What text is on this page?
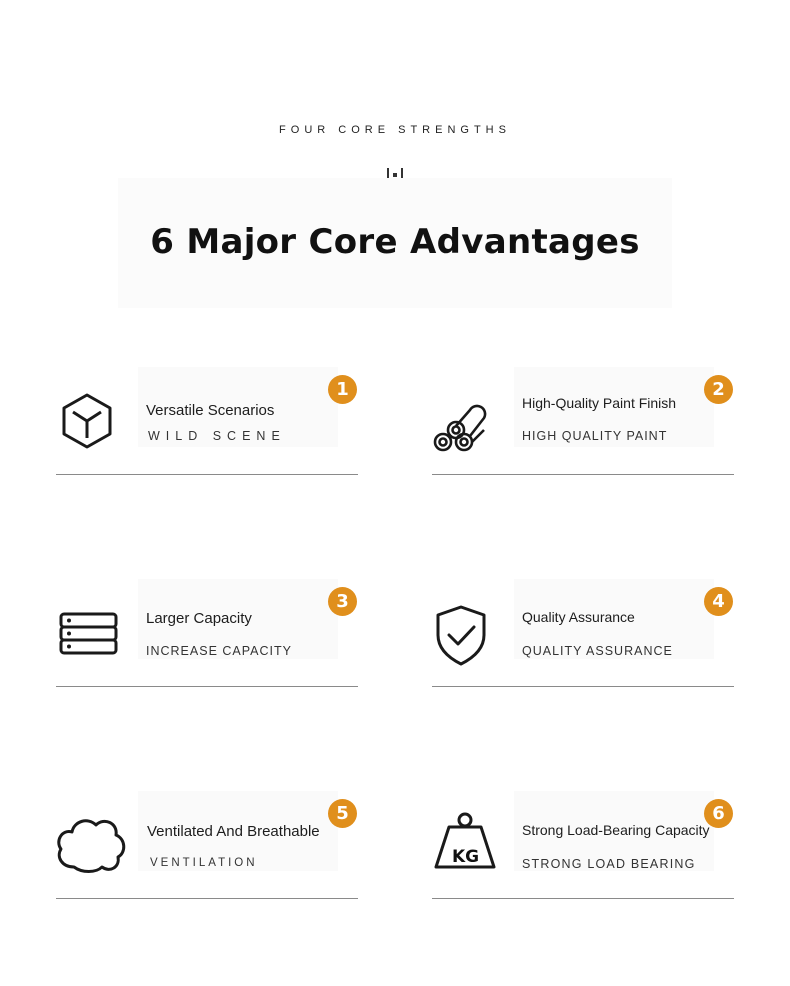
FOUR CORE STRENGTHS
6 Major Core Advantages
Versatile Scenarios
WILD SCENE
1
High-Quality Paint Finish
HIGH QUALITY PAINT
2
Larger Capacity
INCREASE CAPACITY
3
Quality Assurance
QUALITY ASSURANCE
4
Ventilated And Breathable
VENTILATION
5
KG
Strong Load-Bearing Capacity
STRONG LOAD BEARING
6
